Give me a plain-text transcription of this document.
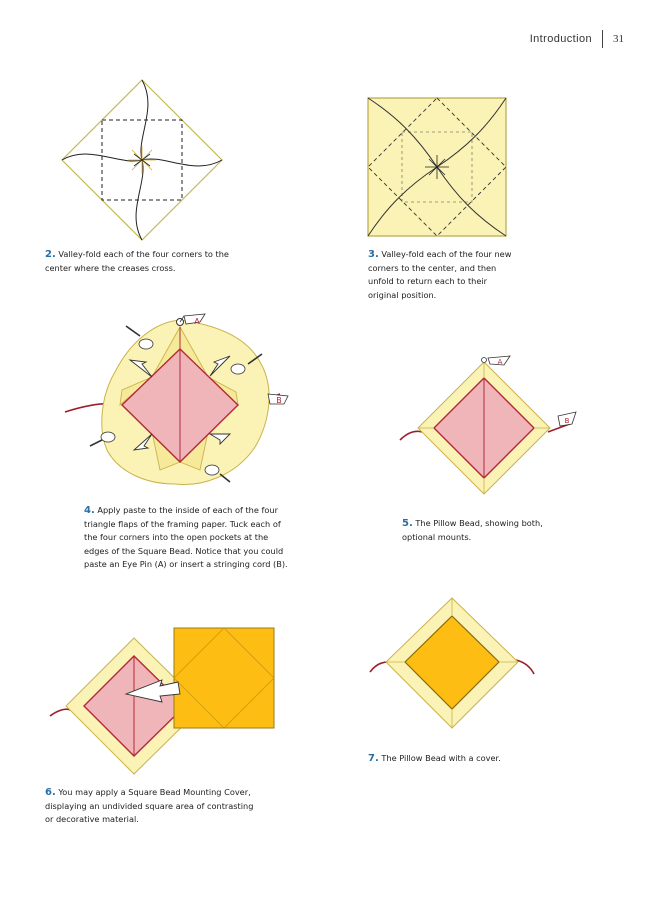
Introduction 31
2. Valley-fold each of the four corners to the center where the creases cross.
3. Valley-fold each of the four new corners to the center, and then unfold to return each to their original position.
A
B
4. Apply paste to the inside of each of the four triangle flaps of the framing paper. Tuck each of the four corners into the open pockets at the edges of the Square Bead. Notice that you could paste an Eye Pin (A) or insert a stringing cord (B).
A
B
5. The Pillow Bead, showing both, optional mounts.
6. You may apply a Square Bead Mounting Cover, displaying an undivided square area of contrasting or decorative material.
7. The Pillow Bead with a cover.
